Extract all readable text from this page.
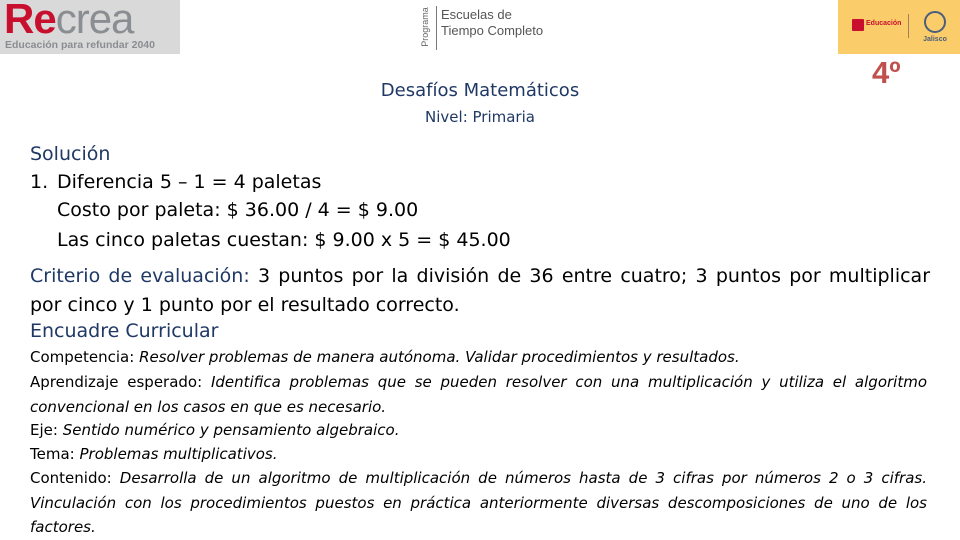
Recrea
Educación para refundar 2040	Programa Escuelas de
Tiempo Completo	Educación
Jalisco
4º
Desafíos Matemáticos
Nivel: Primaria
Solución
1. Diferencia 5 – 1 = 4 paletas
Costo por paleta: $ 36.00 / 4 = $ 9.00
Las cinco paletas cuestan: $ 9.00 x 5 = $ 45.00
Criterio de evaluación: 3 puntos por la división de 36 entre cuatro; 3 puntos por multiplicar por cinco y 1 punto por el resultado correcto.
Encuadre Curricular
Competencia: Resolver problemas de manera autónoma. Validar procedimientos y resultados.
Aprendizaje esperado: Identifica problemas que se pueden resolver con una multiplicación y utiliza el algoritmo convencional en los casos en que es necesario.
Eje: Sentido numérico y pensamiento algebraico.
Tema: Problemas multiplicativos.
Contenido: Desarrolla de un algoritmo de multiplicación de números hasta de 3 cifras por números 2 o 3 cifras. Vinculación con los procedimientos puestos en práctica anteriormente diversas descomposiciones de uno de los factores.
